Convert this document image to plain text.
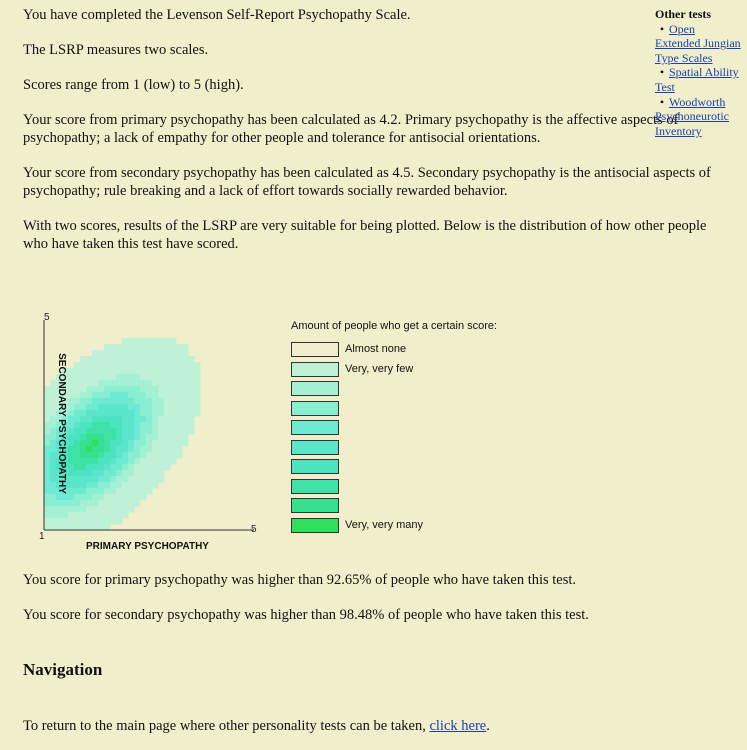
You have completed the Levenson Self-Report Psychopathy Scale.

The LSRP measures two scales.

Scores range from 1 (low) to 5 (high).

Your score from primary psychopathy has been calculated as 4.2. Primary psychopathy is the affective aspects of psychopathy; a lack of empathy for other people and tolerance for antisocial orientations.

Your score from secondary psychopathy has been calculated as 4.5. Secondary psychopathy is the antisocial aspects of psychopathy; rule breaking and a lack of effort towards socially rewarded behavior.

With two scores, results of the LSRP are very suitable for being plotted. Below is the distribution of how other people who have taken this test have scored.

Other tests
• Open Extended Jungian Type Scales
• Spatial Ability Test
• Woodworth Psychoneurotic Inventory
5
1
5
PRIMARY PSYCHOPATHY
SECONDARY PSYCHOPATHY
Amount of people who get a certain score:
Almost none
Very, very few
Very, very many

You score for primary psychopathy was higher than 92.65% of people who have taken this test.

You score for secondary psychopathy was higher than 98.48% of people who have taken this test.

Navigation

To return to the main page where other personality tests can be taken, click here.
